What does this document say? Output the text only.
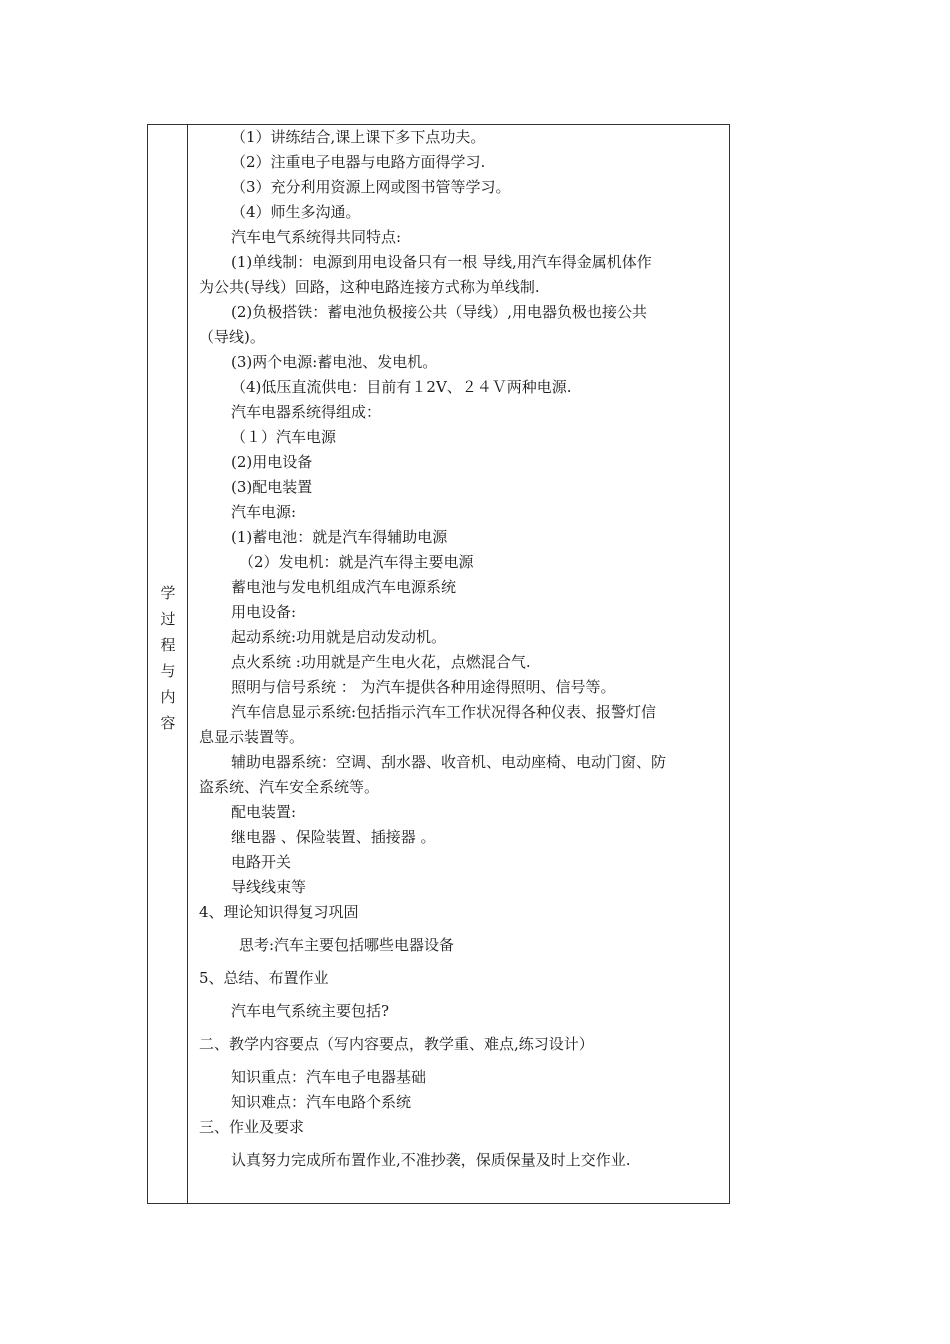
学
过
程
与
内
容
（1）讲练结合,课上课下多下点功夫。
（2）注重电子电器与电路方面得学习.
（3）充分利用资源上网或图书管等学习。
（4）师生多沟通。
汽车电气系统得共同特点:
(1)单线制：电源到用电设备只有一根 导线,用汽车得金属机体作
为公共(导线）回路，这种电路连接方式称为单线制.
(2)负极搭铁：蓄电池负极接公共（导线）,用电器负极也接公共
（导线)。
(3)两个电源:蓄电池、发电机。
（4)低压直流供电：目前有１2V、２４Ｖ两种电源.
汽车电器系统得组成：
（１）汽车电源
(2)用电设备
(3)配电装置
汽车电源:
(1)蓄电池：就是汽车得辅助电源
（2）发电机：就是汽车得主要电源
蓄电池与发电机组成汽车电源系统
用电设备:
起动系统:功用就是启动发动机。
点火系统 :功用就是产生电火花，点燃混合气.
照明与信号系统 ： 为汽车提供各种用途得照明、信号等。
汽车信息显示系统:包括指示汽车工作状况得各种仪表、报警灯信
息显示装置等。
辅助电器系统：空调、刮水器、收音机、电动座椅、电动门窗、防
盗系统、汽车安全系统等。
配电装置:
继电器 、保险装置、插接器 。
电路开关
导线线束等
4、理论知识得复习巩固
思考:汽车主要包括哪些电器设备
5、总结、布置作业
汽车电气系统主要包括?
二、教学内容要点（写内容要点，教学重、难点,练习设计）
知识重点：汽车电子电器基础
知识难点：汽车电路个系统
三、作业及要求
认真努力完成所布置作业,不准抄袭，保质保量及时上交作业.
